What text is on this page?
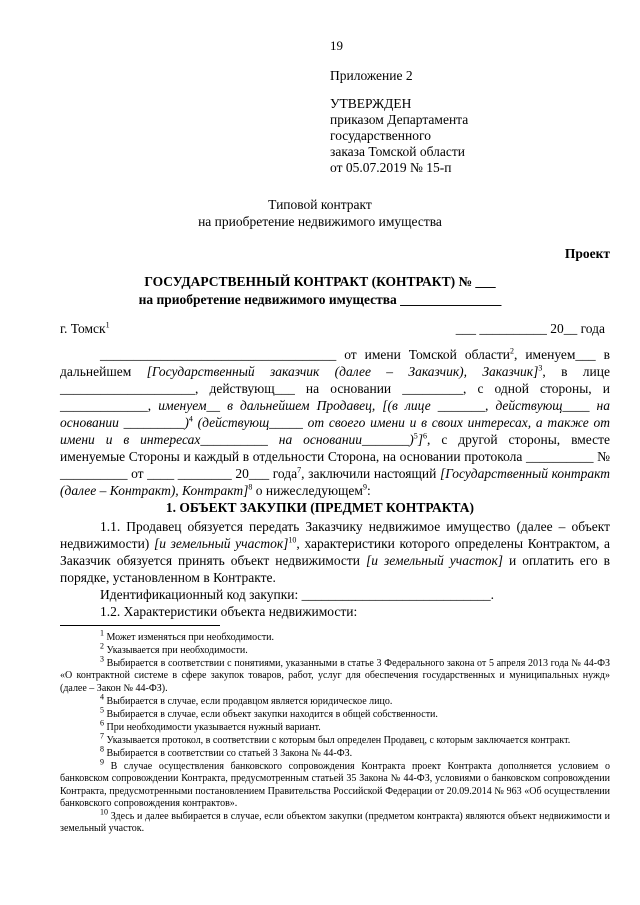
19
Приложение 2
УТВЕРЖДЕН
приказом Департамента
государственного
заказа Томской области
от 05.07.2019 № 15-п
Типовой контракт
на приобретение недвижимого имущества
Проект
ГОСУДАРСТВЕННЫЙ КОНТРАКТ (КОНТРАКТ) № ___
на приобретение недвижимого имущества _______________
г. Томск$^1$	___ __________ 20__ года

___________________________________ от имени Томской области$^2$, именуем___ в дальнейшем [Государственный заказчик (далее – Заказчик), Заказчик]$^3$, в лице ____________________, действующ___ на основании _________, с одной стороны, и _____________, именуем__ в дальнейшем Продавец, [(в лице _______, действующ____ на основании _________)$^4$ (действующ_____ от своего имени и в своих интересах, а также от имени и в интересах__________ на основании_______)$^5$]$^6$, с другой стороны, вместе именуемые Стороны и каждый в отдельности Сторона, на основании протокола __________ № __________ от ____ ________ 20___ года$^7$, заключили настоящий [Государственный контракт (далее – Контракт), Контракт]$^8$ о нижеследующем$^9$:

1. ОБЪЕКТ ЗАКУПКИ (ПРЕДМЕТ КОНТРАКТА)

1.1. Продавец обязуется передать Заказчику недвижимое имущество (далее – объект недвижимости) [и земельный участок]$^{10}$, характеристики которого определены Контрактом, а Заказчик обязуется принять объект недвижимости [и земельный участок] и оплатить его в порядке, установленном в Контракте.

Идентификационный код закупки: ____________________________.

1.2. Характеристики объекта недвижимости:

$^1$ Может изменяться при необходимости.

$^2$ Указывается при необходимости.

$^3$ Выбирается в соответствии с понятиями, указанными в статье 3 Федерального закона от 5 апреля 2013 года № 44-ФЗ «О контрактной системе в сфере закупок товаров, работ, услуг для обеспечения государственных и муниципальных нужд» (далее – Закон № 44-ФЗ).

$^4$ Выбирается в случае, если продавцом является юридическое лицо.

$^5$ Выбирается в случае, если объект закупки находится в общей собственности.

$^6$ При необходимости указывается нужный вариант.

$^7$ Указывается протокол, в соответствии с которым был определен Продавец, с которым заключается контракт.

$^8$ Выбирается в соответствии со статьей 3 Закона № 44-ФЗ.

$^9$ В случае осуществления банковского сопровождения Контракта проект Контракта дополняется условием о банковском сопровождении Контракта, предусмотренным статьей 35 Закона № 44-ФЗ, условиями о банковском сопровождении Контракта, предусмотренными постановлением Правительства Российской Федерации от 20.09.2014 № 963 «Об осуществлении банковского сопровождения контрактов».

$^{10}$ Здесь и далее выбирается в случае, если объектом закупки (предметом контракта) являются объект недвижимости и земельный участок.
